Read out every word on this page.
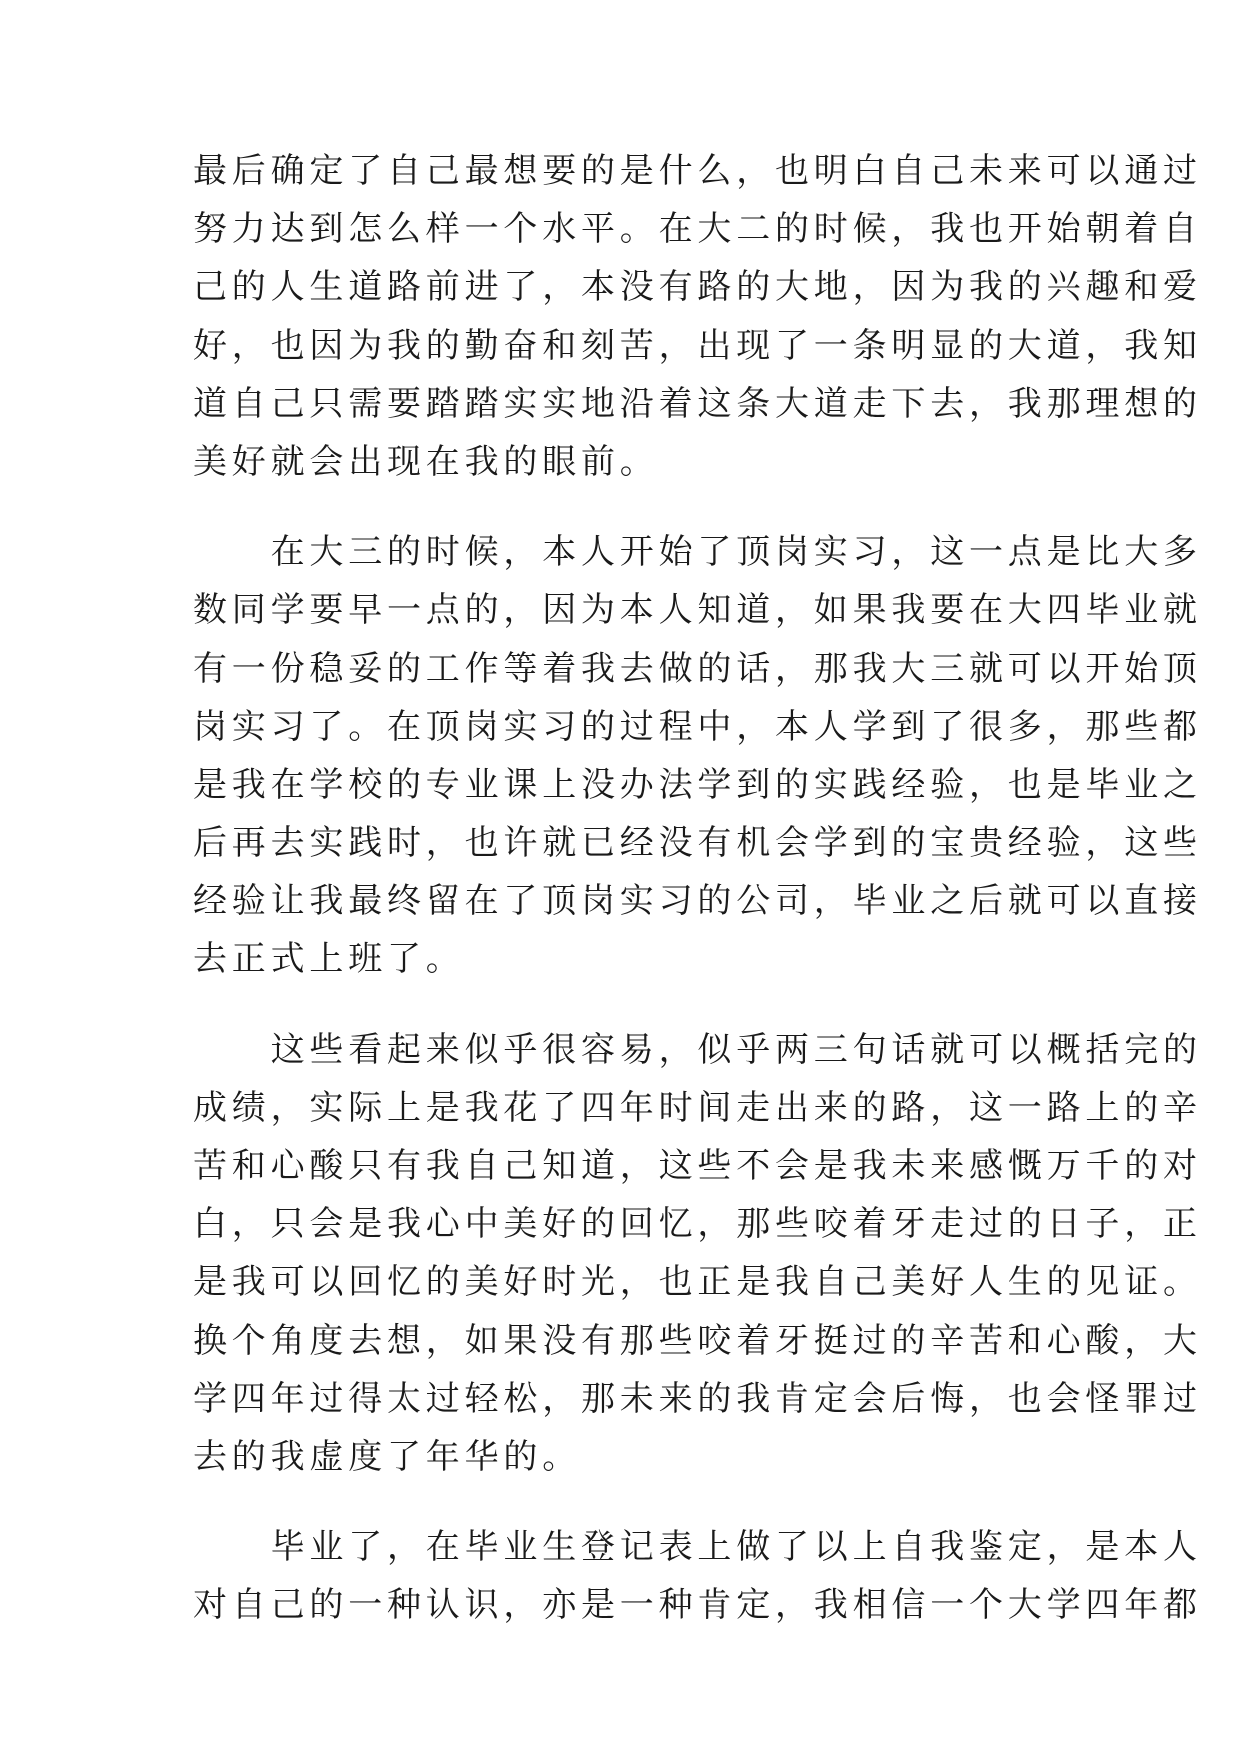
最后确定了自己最想要的是什么，也明白自己未来可以通过
努力达到怎么样一个水平。在大二的时候，我也开始朝着自
己的人生道路前进了，本没有路的大地，因为我的兴趣和爱
好，也因为我的勤奋和刻苦，出现了一条明显的大道，我知
道自己只需要踏踏实实地沿着这条大道走下去，我那理想的
美好就会出现在我的眼前。
　　在大三的时候，本人开始了顶岗实习，这一点是比大多
数同学要早一点的，因为本人知道，如果我要在大四毕业就
有一份稳妥的工作等着我去做的话，那我大三就可以开始顶
岗实习了。在顶岗实习的过程中，本人学到了很多，那些都
是我在学校的专业课上没办法学到的实践经验，也是毕业之
后再去实践时，也许就已经没有机会学到的宝贵经验，这些
经验让我最终留在了顶岗实习的公司，毕业之后就可以直接
去正式上班了。
　　这些看起来似乎很容易，似乎两三句话就可以概括完的
成绩，实际上是我花了四年时间走出来的路，这一路上的辛
苦和心酸只有我自己知道，这些不会是我未来感慨万千的对
白，只会是我心中美好的回忆，那些咬着牙走过的日子，正
是我可以回忆的美好时光，也正是我自己美好人生的见证。
换个角度去想，如果没有那些咬着牙挺过的辛苦和心酸，大
学四年过得太过轻松，那未来的我肯定会后悔，也会怪罪过
去的我虚度了年华的。
　　毕业了，在毕业生登记表上做了以上自我鉴定，是本人
对自己的一种认识，亦是一种肯定，我相信一个大学四年都
